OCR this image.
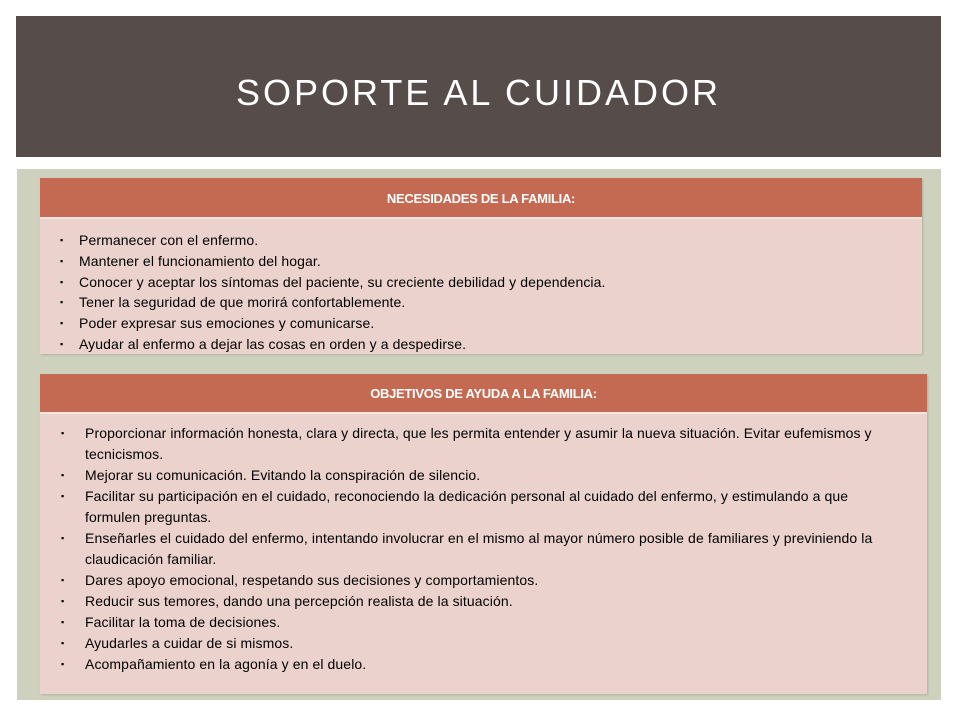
SOPORTE AL CUIDADOR
NECESIDADES DE LA FAMILIA:
▪ Permanecer con el enfermo.
▪ Mantener el funcionamiento del hogar.
▪ Conocer y aceptar los síntomas del paciente, su creciente debilidad y dependencia.
▪ Tener la seguridad de que morirá confortablemente.
▪ Poder expresar sus emociones y comunicarse.
▪ Ayudar al enfermo a dejar las cosas en orden y a despedirse.
OBJETIVOS DE AYUDA A LA FAMILIA:
▪ Proporcionar información honesta, clara y directa, que les permita entender y asumir la nueva situación. Evitar eufemismos y tecnicismos.
▪ Mejorar su comunicación. Evitando la conspiración de silencio.
▪ Facilitar su participación en el cuidado, reconociendo la dedicación personal al cuidado del enfermo, y estimulando a que formulen preguntas.
▪ Enseñarles el cuidado del enfermo, intentando involucrar en el mismo al mayor número posible de familiares y previniendo la claudicación familiar.
▪ Dares apoyo emocional, respetando sus decisiones y comportamientos.
▪ Reducir sus temores, dando una percepción realista de la situación.
▪ Facilitar la toma de decisiones.
▪ Ayudarles a cuidar de si mismos.
▪ Acompañamiento en la agonía y en el duelo.
